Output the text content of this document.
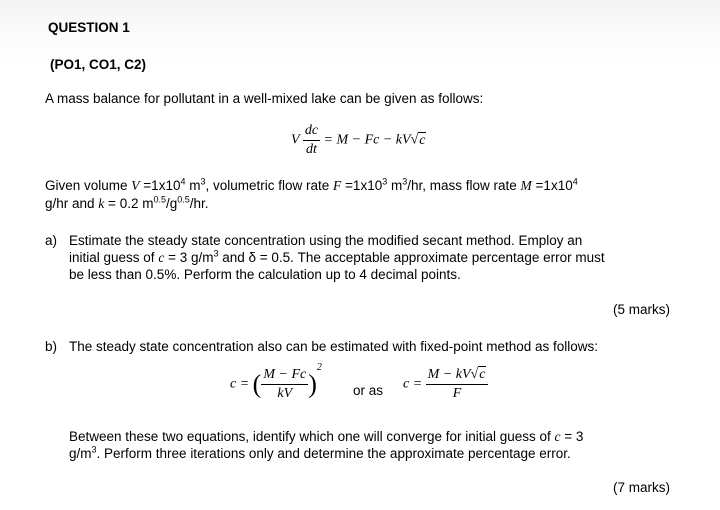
QUESTION 1
(PO1, CO1, C2)
A mass balance for pollutant in a well-mixed lake can be given as follows:
V $\frac{dc}{dt} = M - Fc - kV√c$
Given volume $V =1x10^4$ $m^3$, volumetric flow rate $F =1x10^3$ $m^3/hr$, mass flow rate $M =1x10^4$
g/hr and k = 0.2 $m^{0.5}/g^{0.5}/hr$.
a) Estimate the steady state concentration using the modified secant method. Employ an
initial guess of c = 3 $g/m^3$ and δ = 0.5. The acceptable approximate percentage error must
be less than 0.5%. Perform the calculation up to 4 decimal points.
(5 marks)
b) The steady state concentration also can be estimated with fixed-point method as follows:
c = ( $\frac{M - Fc}{kV} )^2$
or as $c = \frac{M - kV√c}{F}$
Between these two equations, identify which one will converge for initial guess of c = 3
$g/m^3$. Perform three iterations only and determine the approximate percentage error.
(7 marks)
